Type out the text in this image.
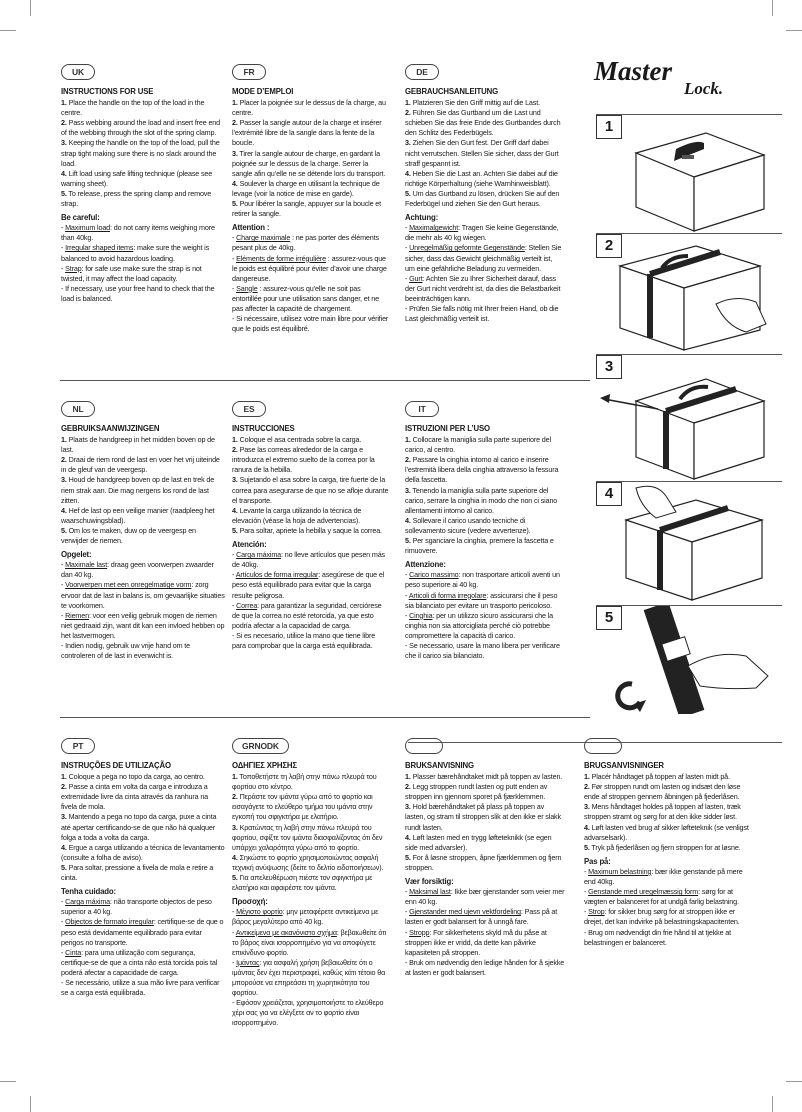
Master
Lock.
UK
INSTRUCTIONS FOR USE
1. Place the handle on the top of the load in the centre.
2. Pass webbing around the load and insert free end of the webbing through the slot of the spring clamp.
3. Keeping the handle on the top of the load, pull the strap tight making sure there is no slack around the load.
4. Lift load using safe lifting technique (please see warning sheet).
5. To release, press the spring clamp and remove strap.
Be careful:
- Maximum load: do not carry items weighing more than 40kg.
- Irregular shaped items: make sure the weight is balanced to avoid hazardous loading.
- Strap: for safe use make sure the strap is not twisted, it may affect the load capacity.
- If necessary, use your free hand to check that the load is balanced.
FR
MODE D’EMPLOI
1. Placer la poignée sur le dessus de la charge, au centre.
2. Passer la sangle autour de la charge et insérer l’extrémité libre de la sangle dans la fente de la boucle.
3. Tirer la sangle autour de charge, en gardant la poignée sur le dessus de la charge. Serrer la sangle afin qu’elle ne se détende lors du transport.
4. Soulever la charge en utilisant la technique de levage (voir la notice de mise en garde).
5. Pour libérer la sangle, appuyer sur la boucle et retirer la sangle.
Attention :
- Charge maximale : ne pas porter des éléments pesant plus de 40kg.
- Eléments de forme irrégulière : assurez-vous que le poids est équilibré pour éviter d’avoir une charge dangereuse.
- Sangle : assurez-vous qu’elle ne soit pas entortillée pour une utilisation sans danger, et ne pas affecter la capacité de chargement.
- Si nécessaire, utilisez votre main libre pour vérifier que le poids est équilibré.
DE
GEBRAUCHSANLEITUNG
1. Platzieren Sie den Griff mittig auf die Last.
2. Führen Sie das Gurtband um die Last und schieben Sie das freie Ende des Gurtbandes durch den Schlitz des Federbügels.
3. Ziehen Sie den Gurt fest. Der Griff darf dabei nicht verrutschen. Stellen Sie sicher, dass der Gurt straff gespannt ist.
4. Heben Sie die Last an. Achten Sie dabei auf die richtige Körperhaltung (siehe Warnhinweisblatt).
5. Um das Gurtband zu lösen, drücken Sie auf den Federbügel und ziehen Sie den Gurt heraus.
Achtung:
- Maximalgewicht: Tragen Sie keine Gegenstände, die mehr als 40 kg wiegen.
- Unregelmäßig geformte Gegenstände: Stellen Sie sicher, dass das Gewicht gleichmäßig verteilt ist, um eine gefährliche Beladung zu vermeiden.
- Gurt: Achten Sie zu Ihrer Sicherheit darauf, dass der Gurt nicht verdreht ist, da dies die Belastbarkeit beeinträchtigen kann.
- Prüfen Sie falls nötig mit Ihrer freien Hand, ob die Last gleichmäßig verteilt ist.
NL
GEBRUIKSAANWIJZINGEN
1. Plaats de handgreep in het midden boven op de last.
2. Draai de riem rond de last en voer het vrij uiteinde in de gleuf van de veergesp.
3. Houd de handgreep boven op de last en trek de riem strak aan. Die mag nergens los rond de last zitten.
4. Hef de last op een veilige manier (raadpleeg het waarschuwingsblad).
5. Om los te maken, duw op de veergesp en verwijder de riemen.
Opgelet:
- Maximale last: draag geen voorwerpen zwaarder dan 40 kg.
- Voorwerpen met een onregelmatige vorm: zorg ervoor dat de last in balans is, om gevaarlijke situaties te voorkomen.
- Riemen: voor een veilig gebruik mogen de riemen niet gedraaid zijn, want dit kan een invloed hebben op het lastvermogen.
- Indien nodig, gebruik uw vrije hand om te controleren of de last in evenwicht is.
ES
INSTRUCCIONES
1. Coloque el asa centrada sobre la carga.
2. Pase las correas alrededor de la carga e introduzca el extremo suelto de la correa por la ranura de la hebilla.
3. Sujetando el asa sobre la carga, tire fuerte de la correa para asegurarse de que no se afloje durante el transporte.
4. Levante la carga utilizando la técnica de elevación (véase la hoja de advertencias).
5. Para soltar, apriete la hebilla y saque la correa.
Atención:
- Carga máxima: no lleve artículos que pesen más de 40kg.
- Artículos de forma irregular: asegúrese de que el peso está equilibrado para evitar que la carga resulte peligrosa.
- Correa: para garantizar la seguridad, cerciórese de que la correa no esté retorcida, ya que esto podría afectar a la capacidad de carga.
- Si es necesario, utilice la mano que tiene libre para comprobar que la carga está equilibrada.
IT
ISTRUZIONI PER L’USO
1. Collocare la maniglia sulla parte superiore del carico, al centro.
2. Passare la cinghia intorno al carico e inserire l’estremità libera della cinghia attraverso la fessura della fascetta.
3. Tenendo la maniglia sulla parte superiore del carico, serrare la cinghia in modo che non ci siano allentamenti intorno al carico.
4. Sollevare il carico usando tecniche di sollevamento sicure (vedere avvertenze).
5. Per sganciare la cinghia, premere la fascetta e rimuovere.
Attenzione:
- Carico massimo: non trasportare articoli aventi un peso superiore ai 40 kg.
- Articoli di forma irregolare: assicurarsi che il peso sia bilanciato per evitare un trasporto pericoloso.
- Cinghia: per un utilizzo sicuro assicurarsi che la cinghia non sia attorcigliata perché ciò potrebbe compromettere la capacità di carico.
- Se necessario, usare la mano libera per verificare che il carico sia bilanciato.
PT
INSTRUÇÕES DE UTILIZAÇÃO
1. Coloque a pega no topo da carga, ao centro.
2. Passe a cinta em volta da carga e introduza a extremidade livre da cinta através da ranhura na fivela de mola.
3. Mantendo a pega no topo da carga, puxe a cinta até apertar certificando-se de que não há qualquer folga a toda a volta da carga.
4. Ergue a carga utilizando a técnica de levantamento (consulte a folha de aviso).
5. Para soltar, pressione a fivela de mola e retire a cinta.
Tenha cuidado:
- Carga máxima: não transporte objectos de peso superior a 40 kg.
- Objectos de formato irregular: certifique-se de que o peso está devidamente equilibrado para evitar perigos no transporte.
- Cinta: para uma utilização com segurança, certifique-se de que a cinta não está torcida pois tal poderá afectar a capacidade de carga.
- Se necessário, utilize a sua mão livre para verificar se a carga está equilibrada.
GRNODK
ΟΔΗΓΙΕΣ ΧΡΗΣΗΣ
1. Τοποθετήστε τη λαβή στην πάνω πλευρά του φορτίου στο κέντρο.
2. Περάστε τον ιμάντα γύρω από το φορτίο και εισαγάγετε το ελεύθερο τμήμα του ιμάντα στην εγκοπή του σφιγκτήρα με ελατήριο.
3. Κρατώντας τη λαβή στην πάνω πλευρά του φορτίου, σφίξτε τον ιμάντα διασφαλίζοντας ότι δεν υπάρχει χαλαρότητα γύρω από το φορτίο.
4. Σηκώστε το φορτίο χρησιμοποιώντας ασφαλή τεχνική ανύψωσης (δείτε το δελτίο ειδοποιήσεων).
5. Για απελευθέρωση πιέστε τον σφιγκτήρα με ελατήριο και αφαιρέστε τον ιμάντα.
Προσοχή:
- Μέγιστο φορτίο: μην μεταφέρετε αντικείμενα με βάρος μεγαλύτερο από 40 kg.
- Αντικείμενα με ακανόνιστο σχήμα: βεβαιωθείτε ότι το βάρος είναι ισορροπημένο για να αποφύγετε επικίνδυνο φορτίο.
- Ιμάντας: για ασφαλή χρήση βεβαιωθείτε ότι ο ιμάντας δεν έχει περιστραφεί, καθώς κάτι τέτοιο θα μπορούσε να επηρεάσει τη χωρητικότητα του φορτίου.
- Εφόσον χρειάζεται, χρησιμοποιήστε το ελεύθερο χέρι σας για να ελέγξετε αν το φορτίο είναι ισορροπημένο.

BRUKSANVISNING
1. Plasser bærehåndtaket midt på toppen av lasten.
2. Legg stroppen rundt lasten og putt enden av stroppen inn gjennom sporet på fjærklemmen.
3. Hold bærehåndtaket på plass på toppen av lasten, og stram til stroppen slik at den ikke er slakk rundt lasten.
4. Løft lasten med en trygg løfteteknikk (se egen side med advarsler).
5. For å løsne stroppen, åpne fjærklemmen og fjern stroppen.
Vær forsiktig:
- Maksimal last: Ikke bær gjenstander som veier mer enn 40 kg.
- Gjenstander med ujevn vektfordeling: Pass på at lasten er godt balansert for å unngå fare.
- Stropp: For sikkerhetens skyld må du påse at stroppen ikke er vridd, da dette kan påvirke kapasiteten på stroppen.
- Bruk om nødvendig den ledige hånden for å sjekke at lasten er godt balansert.

BRUGSANVISNINGER
1. Placér håndtaget på toppen af lasten midt på.
2. Før stroppen rundt om lasten og indsæt den løse ende af stroppen gennem åbningen på fjederlåsen.
3. Mens håndtaget holdes på toppen af lasten, træk stroppen stramt og sørg for at den ikke sidder løst.
4. Løft lasten ved brug af sikker løfteteknik (se venligst advarselsark).
5. Tryk på fjederlåsen og fjern stroppen for at løsne.
Pas på:
- Maximum belastning: bær ikke genstande på mere end 40kg.
- Genstande med uregelmæssig form: sørg for at vægten er balanceret for at undgå farlig belastning.
- Strop: for sikker brug sørg for at stroppen ikke er drejet, det kan indvirke på belastningskapacitenten.
- Brug om nødvendigt din frie hånd til at tjekke at belastningen er balanceret.
1
2
3
4
5
